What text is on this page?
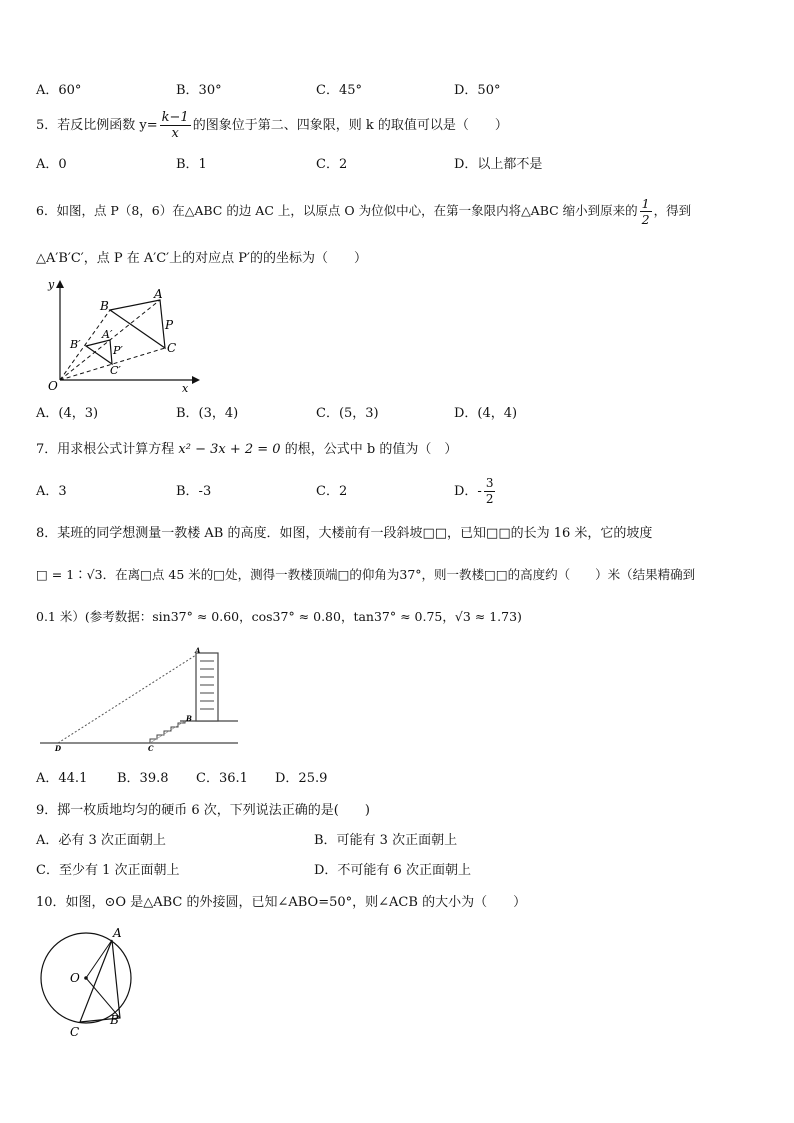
A．60°	B．30°	C．45°	D．50°
5．若反比例函数 $y= \frac{k-1}{x}$ 的图象位于第二、四象限，则 k 的取值可以是（　　）
A．0	B．1	C．2	D．以上都不是
6．如图，点 P（8，6）在△ABC 的边 AC 上，以原点 O 为位似中心，在第一象限内将△ABC 缩小到原来的 $\frac{1}{2}$ ，得到
△A′B′C′，点 P 在 A′C′上的对应点 P′的的坐标为（　　）
y
x
O
A
B
C
P
A′
B′
C′
P′
A．(4，3)	B．(3，4)	C．(5，3)	D．(4，4)
7．用求根公式计算方程 x² − 3x + 2 = 0 的根，公式中 b 的值为（　）
A．3	B．-3	C．2	D．- $\frac{3}{2}$
8．某班的同学想测量一教楼 AB 的高度．如图，大楼前有一段斜坡□□，已知□□的长为 16 米，它的坡度
□ = 1∶√3．在离□点 45 米的□处，测得一教楼顶端□的仰角为37°，则一教楼□□的高度约（　　）米（结果精确到
0.1 米）(参考数据：sin37° ≈ 0.60，cos37° ≈ 0.80，tan37° ≈ 0.75，√3 ≈ 1.73)
A
B
C
D
A．44.1 B．39.8 C．36.1 D．25.9
9．掷一枚质地均匀的硬币 6 次，下列说法正确的是(　　)
A．必有 3 次正面朝上	B．可能有 3 次正面朝上
C．至少有 1 次正面朝上	D．不可能有 6 次正面朝上
10．如图，⊙O 是△ABC 的外接圆，已知∠ABO=50°，则∠ACB 的大小为（　　）
A
O
B
C
